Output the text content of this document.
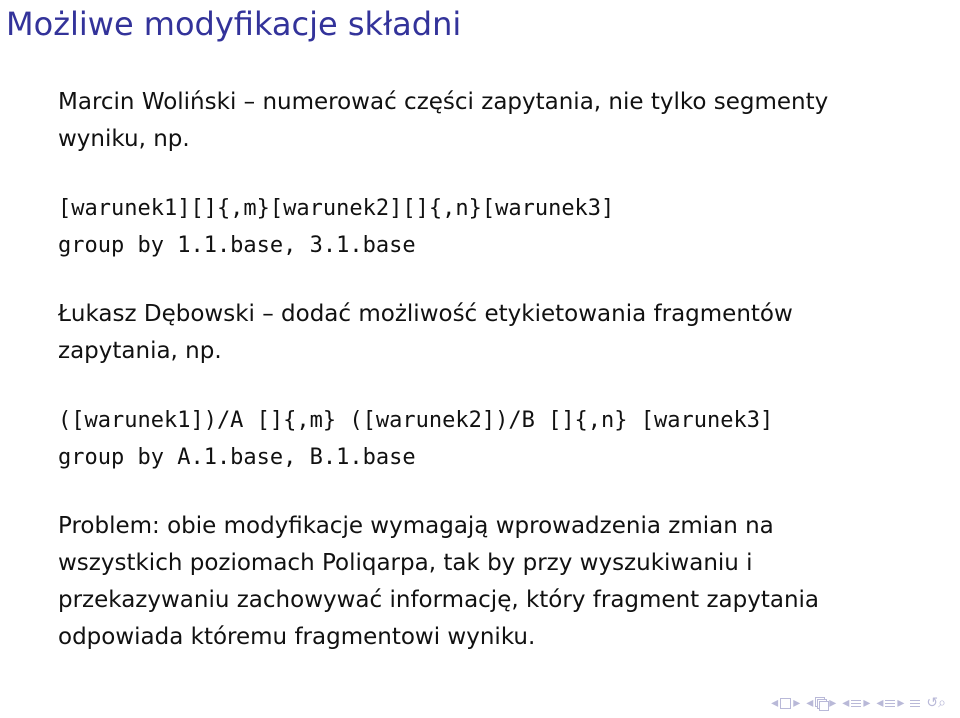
Możliwe modyfikacje składni

Marcin Woliński – numerować części zapytania, nie tylko segmenty
wyniku, np.

[warunek1][]{,m}[warunek2][]{,n}[warunek3]

group by 1.1.base, 3.1.base

Łukasz Dębowski – dodać możliwość etykietowania fragmentów
zapytania, np.

([warunek1])/A []{,m} ([warunek2])/B []{,n} [warunek3]

group by A.1.base, B.1.base

Problem: obie modyfikacje wymagają wprowadzenia zmian na
wszystkich poziomach Poliqarpa, tak by przy wyszukiwaniu i
przekazywaniu zachowywać informację, który fragment zapytania
odpowiada któremu fragmentowi wyniku.

◂ ▸ ◂ ▸ ◂ ▸ ◂ ▸ ↺⌕
